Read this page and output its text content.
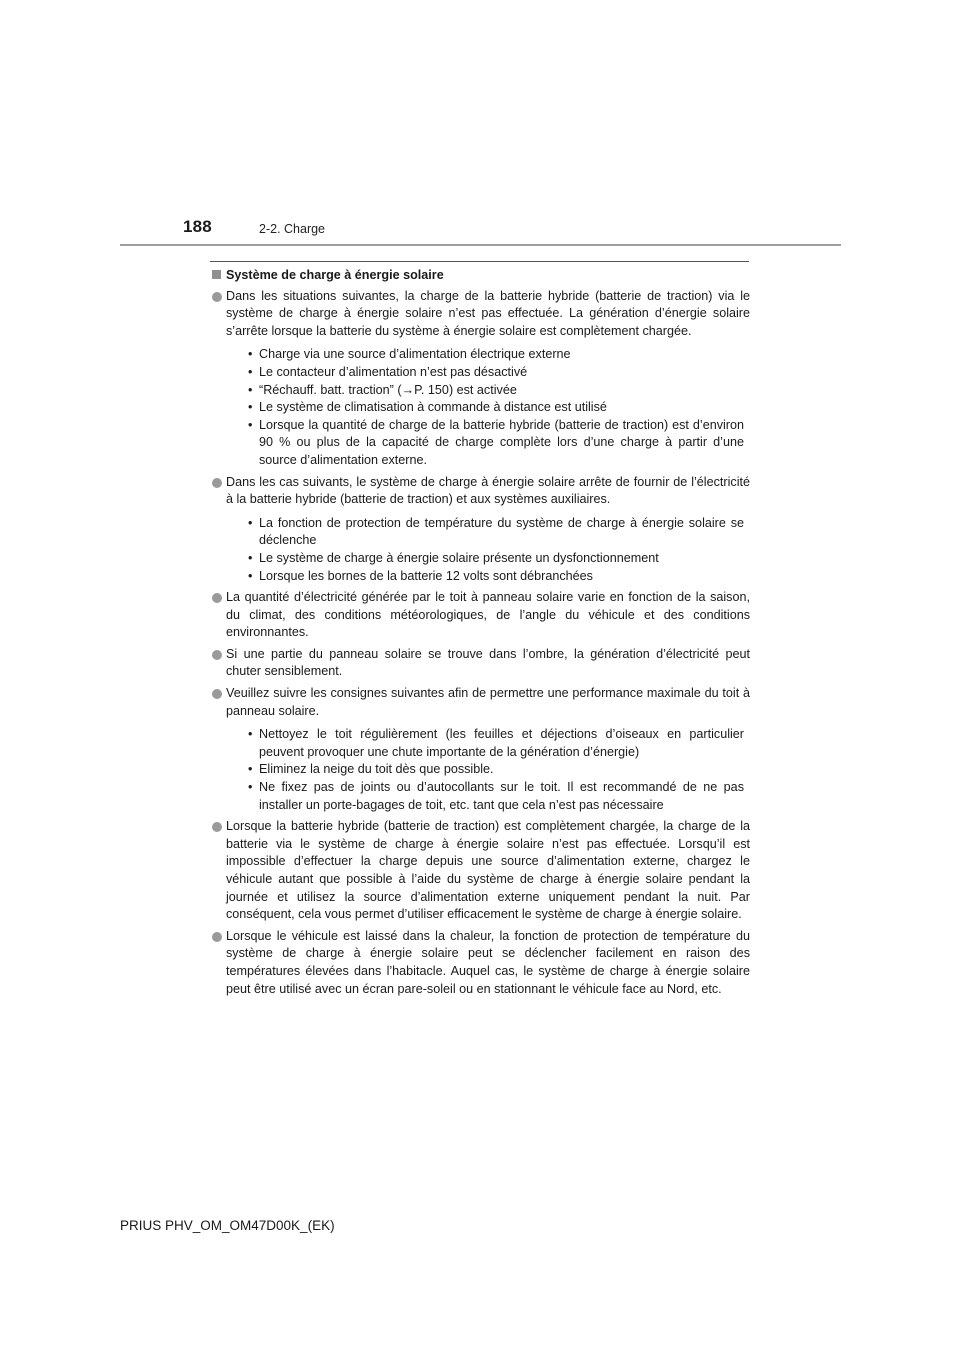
188	2-2. Charge
Système de charge à énergie solaire
Dans les situations suivantes, la charge de la batterie hybride (batterie de traction) via le système de charge à énergie solaire n’est pas effectuée. La génération d’énergie solaire s’arrête lorsque la batterie du système à énergie solaire est complètement chargée.
• Charge via une source d’alimentation électrique externe
• Le contacteur d’alimentation n’est pas désactivé
• “Réchauff. batt. traction” (→P. 150) est activée
• Le système de climatisation à commande à distance est utilisé
• Lorsque la quantité de charge de la batterie hybride (batterie de traction) est d’environ 90 % ou plus de la capacité de charge complète lors d’une charge à partir d’une source d’alimentation externe.
Dans les cas suivants, le système de charge à énergie solaire arrête de fournir de l’électricité à la batterie hybride (batterie de traction) et aux systèmes auxiliaires.
• La fonction de protection de température du système de charge à énergie solaire se déclenche
• Le système de charge à énergie solaire présente un dysfonctionnement
• Lorsque les bornes de la batterie 12 volts sont débranchées
La quantité d’électricité générée par le toit à panneau solaire varie en fonction de la saison, du climat, des conditions météorologiques, de l’angle du véhicule et des conditions environnantes.
Si une partie du panneau solaire se trouve dans l’ombre, la génération d’électricité peut chuter sensiblement.
Veuillez suivre les consignes suivantes afin de permettre une performance maximale du toit à panneau solaire.
• Nettoyez le toit régulièrement (les feuilles et déjections d’oiseaux en particulier peuvent provoquer une chute importante de la génération d’énergie)
• Eliminez la neige du toit dès que possible.
• Ne fixez pas de joints ou d’autocollants sur le toit. Il est recommandé de ne pas installer un porte-bagages de toit, etc. tant que cela n’est pas nécessaire
Lorsque la batterie hybride (batterie de traction) est complètement chargée, la charge de la batterie via le système de charge à énergie solaire n’est pas effectuée. Lorsqu’il est impossible d’effectuer la charge depuis une source d’alimentation externe, chargez le véhicule autant que possible à l’aide du système de charge à énergie solaire pendant la journée et utilisez la source d’alimentation externe uniquement pendant la nuit. Par conséquent, cela vous permet d’utiliser efficacement le système de charge à énergie solaire.
Lorsque le véhicule est laissé dans la chaleur, la fonction de protection de température du système de charge à énergie solaire peut se déclencher facilement en raison des températures élevées dans l’habitacle. Auquel cas, le système de charge à énergie solaire peut être utilisé avec un écran pare-soleil ou en stationnant le véhicule face au Nord, etc.
PRIUS PHV_OM_OM47D00K_(EK)
